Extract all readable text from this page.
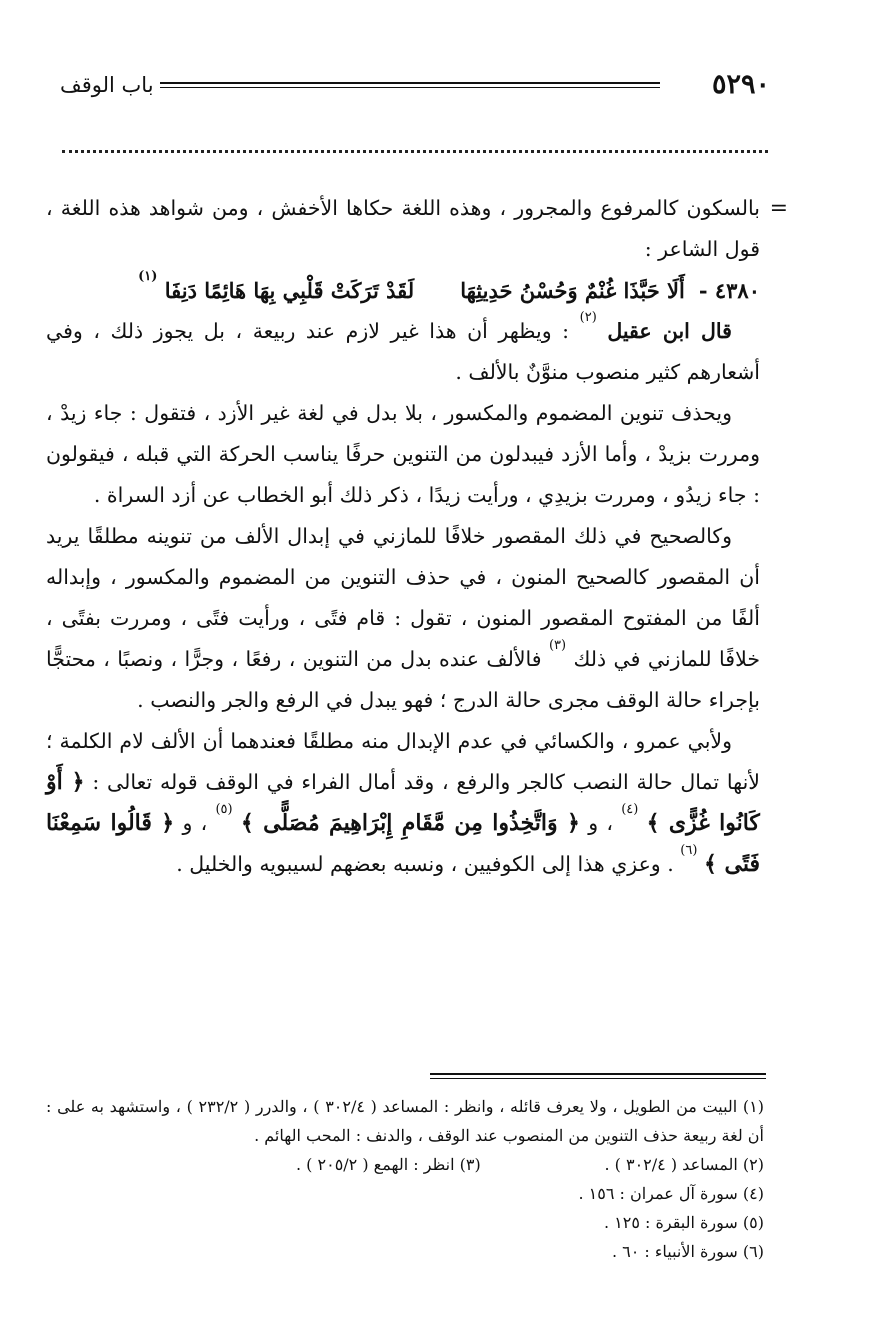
٥٢٩٠
باب الوقف
=

بالسكون كالمرفوع والمجرور ، وهذه اللغة حكاها الأخفش ، ومن شواهد هذه اللغة ، قول الشاعر :

٤٣٨٠ -أَلَا حَبَّذَا غُنْمٌ وَحُسْنُ حَدِيثِهَالَقَدْ تَرَكَتْ قَلْبِي بِهَا هَائِمًا دَنِفَا $^{(١)}$

قال ابن عقيل $^{(٢)}$ : ويظهر أن هذا غير لازم عند ربيعة ، بل يجوز ذلك ، وفي أشعارهم كثير منصوب منوَّنٌ بالألف .

ويحذف تنوين المضموم والمكسور ، بلا بدل في لغة غير الأزد ، فتقول : جاء زيدْ ، ومررت بزيدْ ، وأما الأزد فيبدلون من التنوين حرفًا يناسب الحركة التي قبله ، فيقولون : جاء زيدُو ، ومررت بزيدِي ، ورأيت زيدًا ، ذكر ذلك أبو الخطاب عن أزد السراة .

وكالصحيح في ذلك المقصور خلافًا للمازني في إبدال الألف من تنوينه مطلقًا يريد أن المقصور كالصحيح المنون ، في حذف التنوين من المضموم والمكسور ، وإبداله ألفًا من المفتوح المقصور المنون ، تقول : قام فتًى ، ورأيت فتًى ، ومررت بفتًى ، خلافًا للمازني في ذلك $^{(٣)}$ فالألف عنده بدل من التنوين ، رفعًا ، وجرًّا ، ونصبًا ، محتجًّا بإجراء حالة الوقف مجرى حالة الدرج ؛ فهو يبدل في الرفع والجر والنصب .

ولأبي عمرو ، والكسائي في عدم الإبدال منه مطلقًا فعندهما أن الألف لام الكلمة ؛ لأنها تمال حالة النصب كالجر والرفع ، وقد أمال الفراء في الوقف قوله تعالى : ﴿ أَوْ كَانُوا غُزًّى ﴾ $^{(٤)}$ ، و ﴿ وَاتَّخِذُوا مِن مَّقَامِ إِبْرَاهِيمَ مُصَلًّى ﴾ $^{(٥)}$ ، و ﴿ قَالُوا سَمِعْنَا فَتًى ﴾ $^{(٦)}$ . وعزي هذا إلى الكوفيين ، ونسبه بعضهم لسيبويه والخليل .

(١) البيت من الطويل ، ولا يعرف قائله ، وانظر : المساعد ( ٣٠٢/٤ ) ، والدرر ( ٢٣٢/٢ ) ، واستشهد به على : أن لغة ربيعة حذف التنوين من المنصوب عند الوقف ، والدنف : المحب الهائم .

(٢) المساعد ( ٣٠٢/٤ ) .
(٣) انظر : الهمع ( ٢٠٥/٢ ) .

(٤) سورة آل عمران : ١٥٦ .

(٥) سورة البقرة : ١٢٥ .

(٦) سورة الأنبياء : ٦٠ .
